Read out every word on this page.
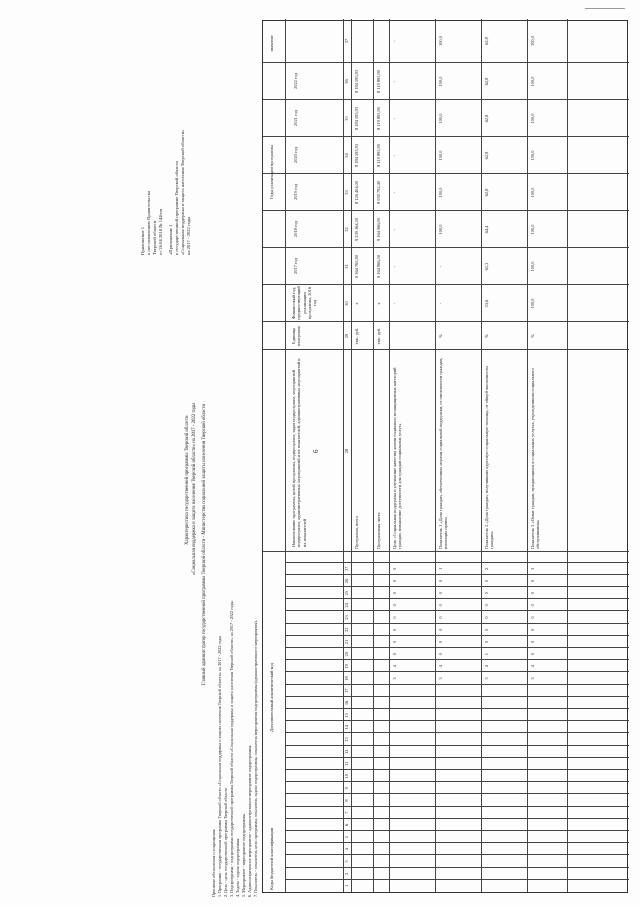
6
Приложение 1 к постановлению Правительства Тверской области от 26.04.2018 № 144-пп «Приложение 1 к государственной программе Тверской области «Социальная поддержка и защита населения Тверской области» на 2017 - 2022 годы
Характеристика государственной программы Тверской области «Социальная поддержка и защита населения Тверской области» на 2017 - 2022 годы Главный администратор государственной программы Тверской области - Министерство социальной защиты населения Тверской области
Принятые обозначения и сокращения: 1. Программа - государственная программа Тверской области «Социальная поддержка и защита населения Тверской области» на 2017 - 2022 годы 2. Цель - цель государственной программы Тверской области 3. Подпрограмма - подпрограмма государственной программы Тверской области «Социальная поддержка и защита населения Тверской области» на 2017 - 2022 годы. 4. Задача - задача подпрограммы. 5. Мероприятие - мероприятие подпрограммы. 6. Административное мероприятие - административное мероприятие подпрограммы. 7. Показатель - показатель цели программы, показатель задачи подпрограммы, показатель мероприятия подпрограммы (административного мероприятия).	Коды бюджетной классификации
Дополнительный аналитический код
Наименование программы, целей программы, подпрограмм, задач подпрограмм, мероприятий подпрограмм, административных мероприятий и их показателей, административных мероприятий и их показателей
Единица измерения
Финансовый год, предшествующий реализации программы, 2016 год
Годы реализации программы
значение
2017 год
2018 год
2019 год
2020 год
2021 год
2022 год
1
2
3
4
5
6
7
8
9
10
11
12
13
14
15
16
17
18
19
20
21
22
23
24
25
26
27
28
29
30
31
32
33
34
35
36
37
Программа, всего
тыс. руб.
х
9 364 765,90
9 239 164,50
8 126 404,00
8 184 595,93
8 184 595,93
8 184 595,93
Программная часть
тыс. руб.
х
9 164 966,50
9 164 066,00
8 059 792,40
8 119 895,90
8 119 895,90
8 119 895,90
Цель «Социальная поддержка и улучшение качества жизни социально незащищенных категорий граждан, повышение доступности для граждан социальных услуг»
-
-
-
-
-
-
-
-
3
4
0
0
0
0
0
0
0
0
Показатель 1 «Доля граждан, обеспеченных мерами социальной поддержки, от численности граждан, имеющих право»
%
-
-
100,0
100,0
100,0
100,0
100,0
100,0
3
4
0
0
0
0
0
0
0
1
Показатель 2 «Доля граждан, получивших адресную социальную помощь, от общей численности граждан»
%
53,6
61,3
64,4
62,8
62,8
62,8
62,8
62,8
3
4
1
0
0
0
0
0
0
2
Показатель 3 «Охват граждан, нуждающихся в социальных услугах, учреждениями социального обслуживания»
%
100,0
100,0
100,0
100,0
100,0
100,0
100,0
100,0
3
4
0
0
0
0
0
0
0
3
